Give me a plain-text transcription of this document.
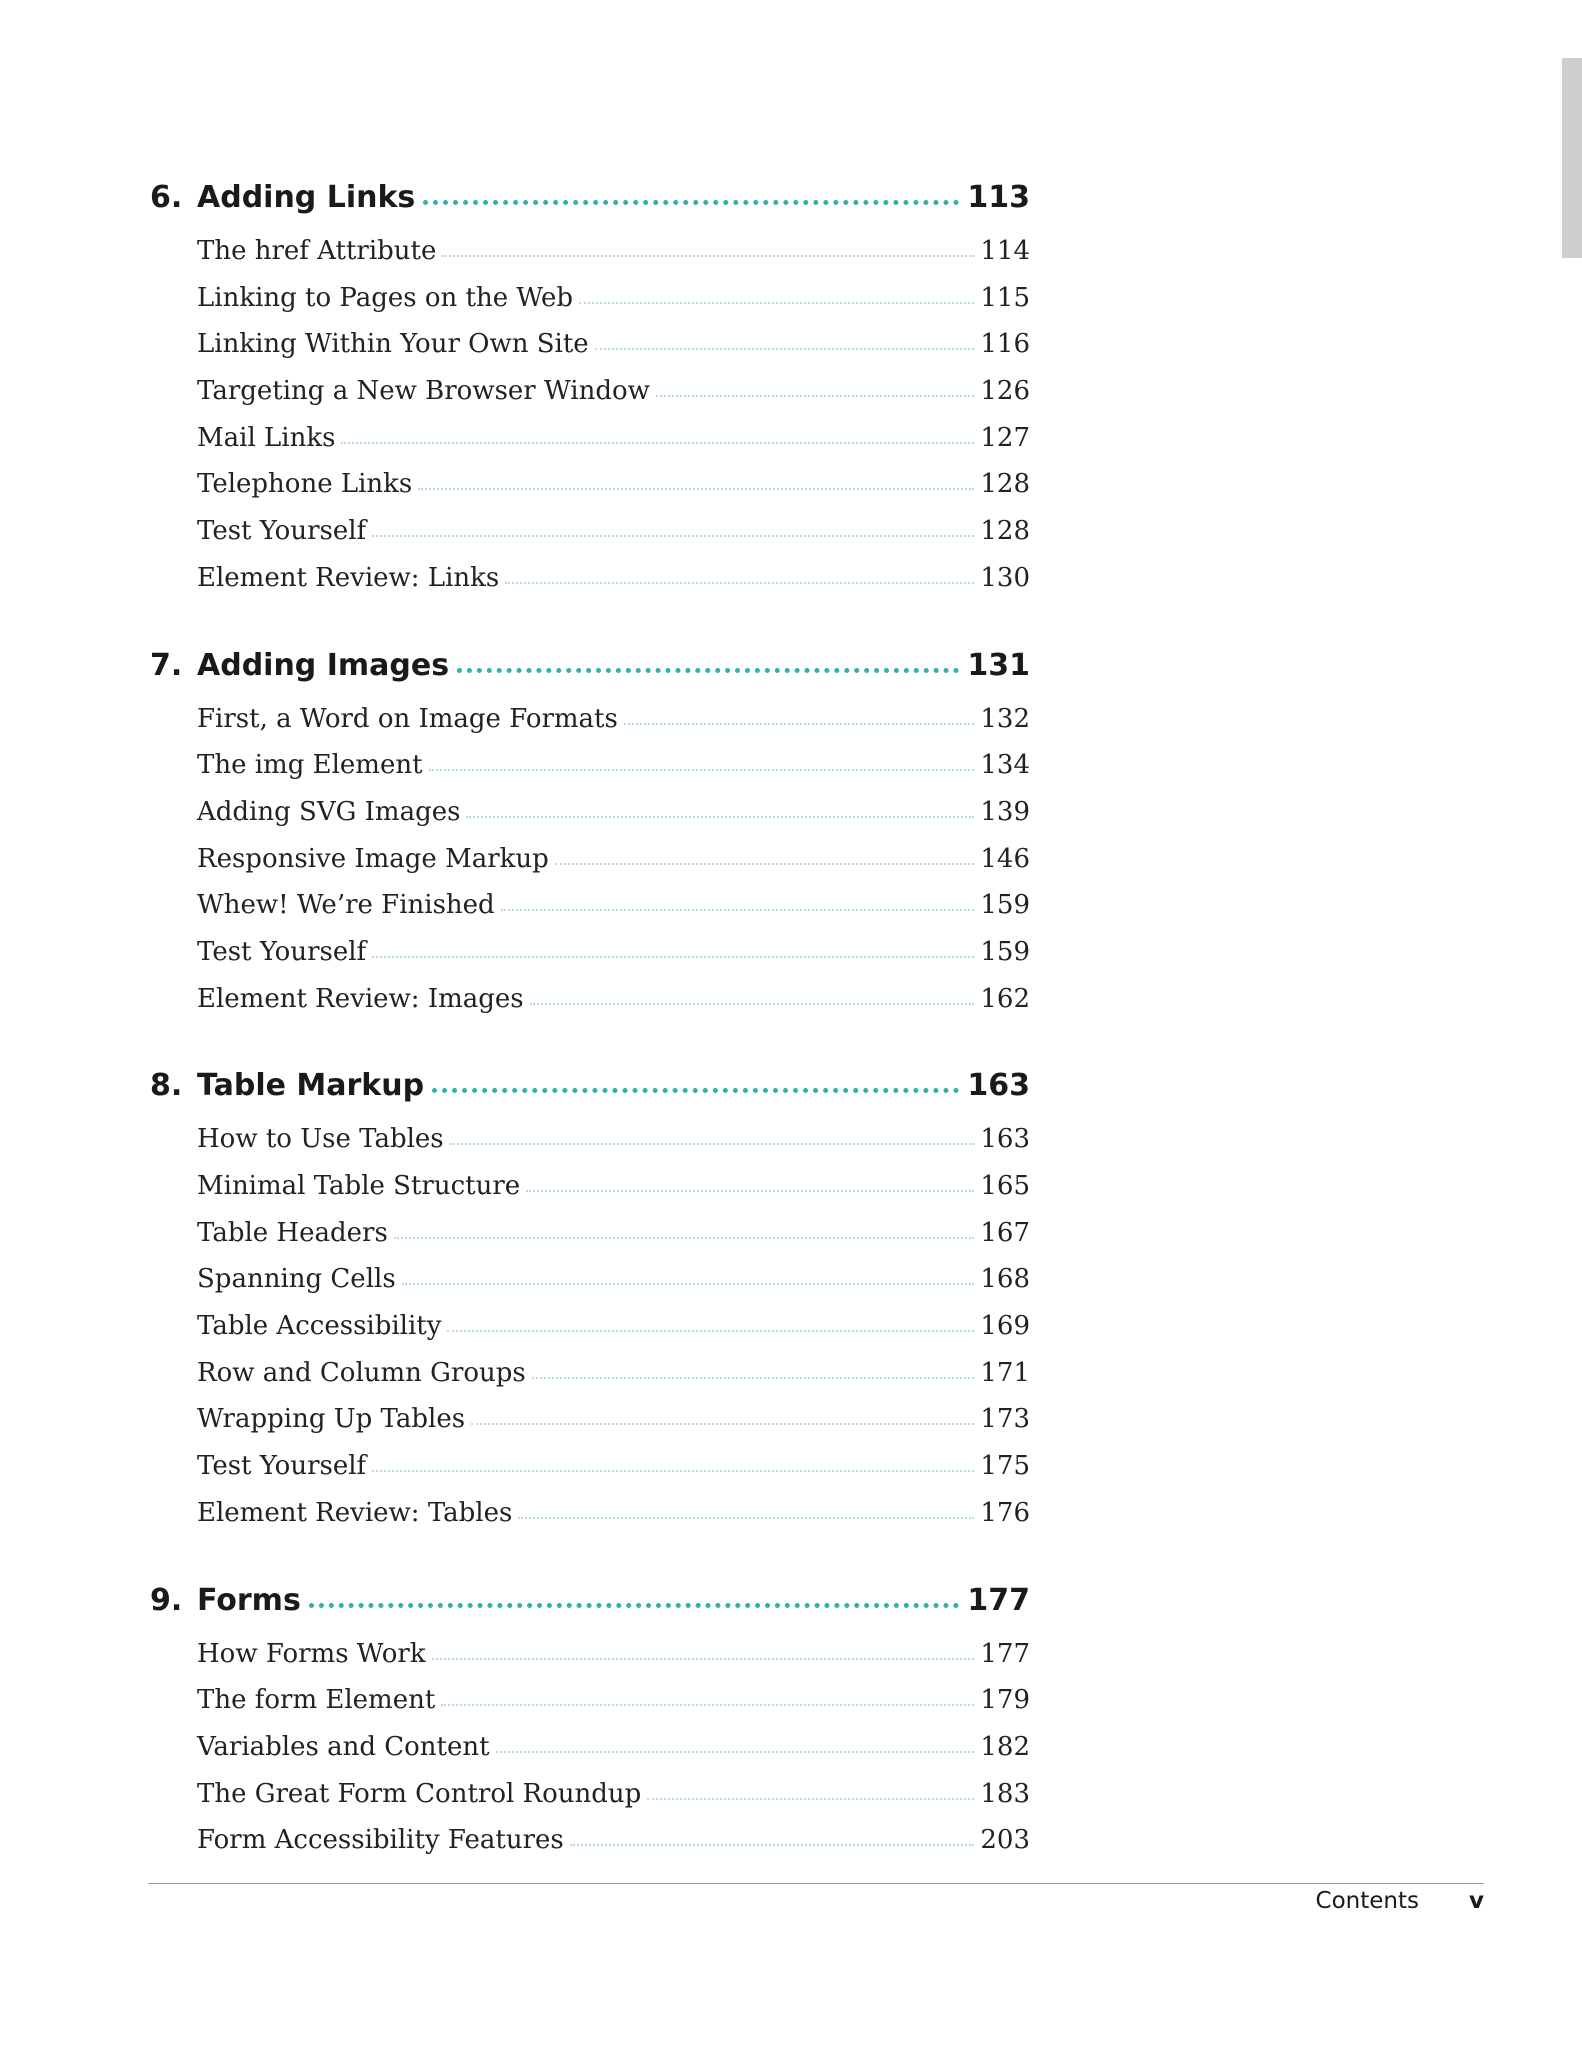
6. Adding Links	113
The href Attribute	114
Linking to Pages on the Web	115
Linking Within Your Own Site	116
Targeting a New Browser Window	126
Mail Links	127
Telephone Links	128
Test Yourself	128
Element Review: Links	130
7. Adding Images	131
First, a Word on Image Formats	132
The img Element	134
Adding SVG Images	139
Responsive Image Markup	146
Whew! We’re Finished	159
Test Yourself	159
Element Review: Images	162
8. Table Markup	163
How to Use Tables	163
Minimal Table Structure	165
Table Headers	167
Spanning Cells	168
Table Accessibility	169
Row and Column Groups	171
Wrapping Up Tables	173
Test Yourself	175
Element Review: Tables	176
9. Forms	177
How Forms Work	177
The form Element	179
Variables and Content	182
The Great Form Control Roundup	183
Form Accessibility Features	203
Contents v
